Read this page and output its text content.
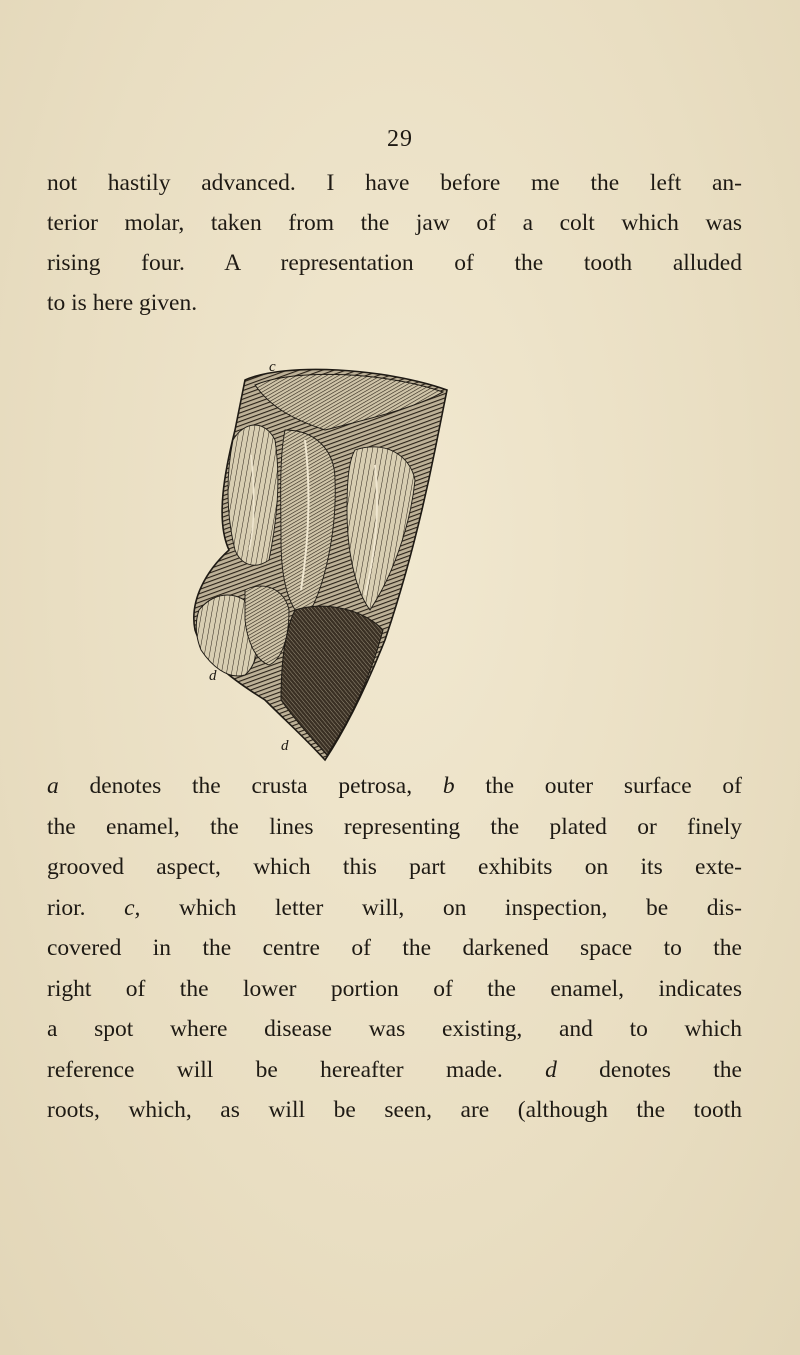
29
not hastily advanced. I have before me the left an-
terior molar, taken from the jaw of a colt which was
rising four. A representation of the tooth alluded
to is here given.
c
d
d
a denotes the crusta petrosa, b the outer surface of
the enamel, the lines representing the plated or finely
grooved aspect, which this part exhibits on its exte-
rior. c, which letter will, on inspection, be dis-
covered in the centre of the darkened space to the
right of the lower portion of the enamel, indicates
a spot where disease was existing, and to which
reference will be hereafter made. d denotes the
roots, which, as will be seen, are (although the tooth
